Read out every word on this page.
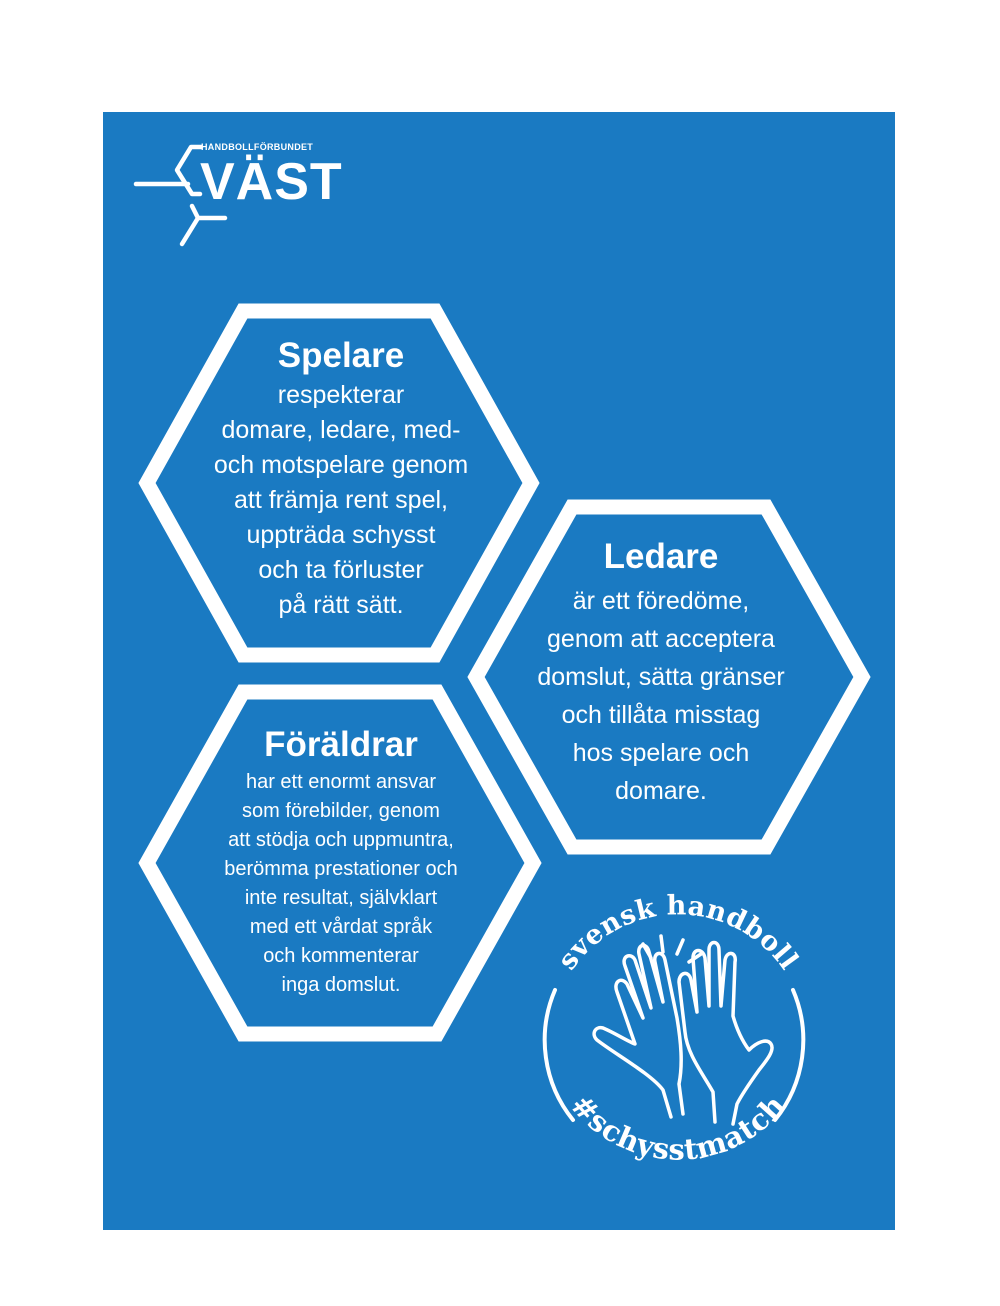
HANDBOLLFÖRBUNDET
VÄST
Spelare
respekterar
domare, ledare, med-
och motspelare genom
att främja rent spel,
uppträda schysst
och ta förluster
på rätt sätt.
Ledare
är ett föredöme,
genom att acceptera
domslut, sätta gränser
och tillåta misstag
hos spelare och
domare.
Föräldrar
har ett enormt ansvar
som förebilder, genom
att stödja och uppmuntra,
berömma prestationer och
inte resultat, självklart
med ett vårdat språk
och kommenterar
inga domslut.
svensk handboll
#schysstmatch
